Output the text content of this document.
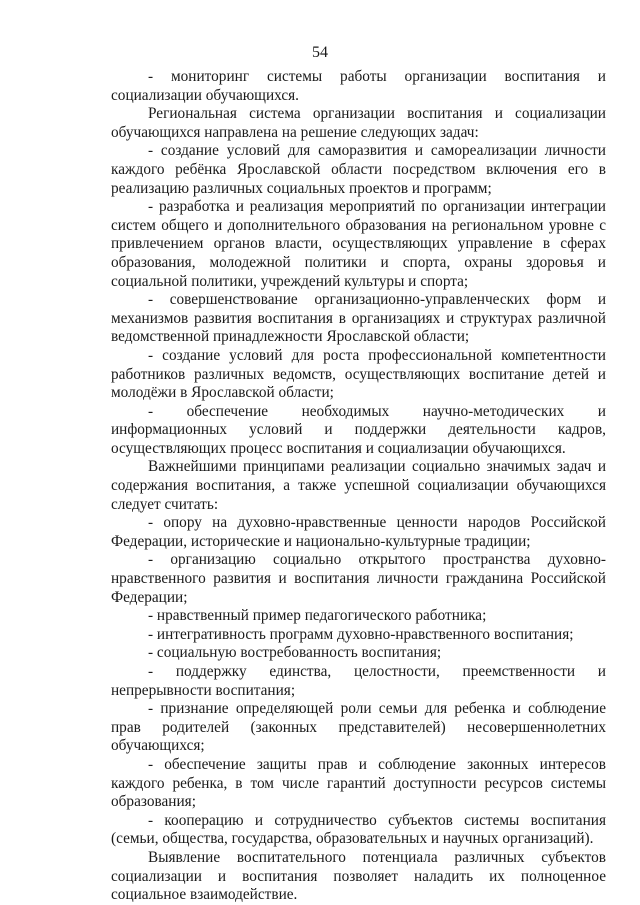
54

- мониторинг системы работы организации воспитания и социализации обучающихся.

Региональная система организации воспитания и социализации обучающихся направлена на решение следующих задач:

- создание условий для саморазвития и самореализации личности каждого ребёнка Ярославской области посредством включения его в реализацию различных социальных проектов и программ;

- разработка и реализация мероприятий по организации интеграции систем общего и дополнительного образования на региональном уровне с привлечением органов власти, осуществляющих управление в сферах образования, молодежной политики и спорта, охраны здоровья и социальной политики, учреждений культуры и спорта;

- совершенствование организационно-управленческих форм и механизмов развития воспитания в организациях и структурах различной ведомственной принадлежности Ярославской области;

- создание условий для роста профессиональной компетентности работников различных ведомств, осуществляющих воспитание детей и молодёжи в Ярославской области;

- обеспечение необходимых научно-методических и информационных условий и поддержки деятельности кадров, осуществляющих процесс воспитания и социализации обучающихся.

Важнейшими принципами реализации социально значимых задач и содержания воспитания, а также успешной социализации обучающихся следует считать:

- опору на духовно-нравственные ценности народов Российской Федерации, исторические и национально-культурные традиции;

- организацию социально открытого пространства духовно-нравственного развития и воспитания личности гражданина Российской Федерации;

- нравственный пример педагогического работника;

- интегративность программ духовно-нравственного воспитания;

- социальную востребованность воспитания;

- поддержку единства, целостности, преемственности и непрерывности воспитания;

- признание определяющей роли семьи для ребенка и соблюдение прав родителей (законных представителей) несовершеннолетних обучающихся;

- обеспечение защиты прав и соблюдение законных интересов каждого ребенка, в том числе гарантий доступности ресурсов системы образования;

- кооперацию и сотрудничество субъектов системы воспитания (семьи, общества, государства, образовательных и научных организаций).

Выявление воспитательного потенциала различных субъектов социализации и воспитания позволяет наладить их полноценное социальное взаимодействие.
